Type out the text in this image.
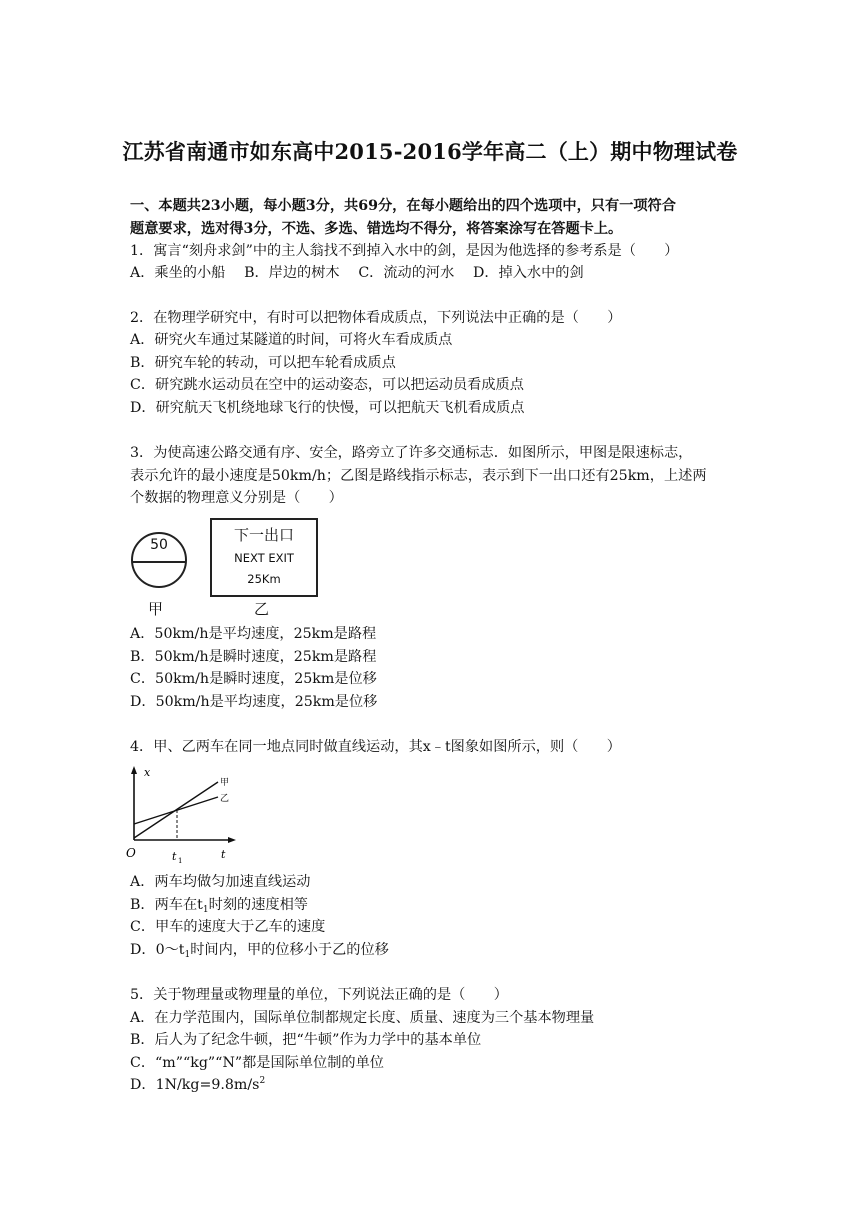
江苏省南通市如东高中2015-2016学年高二（上）期中物理试卷
一、本题共23小题，每小题3分，共69分，在每小题给出的四个选项中，只有一项符合
题意要求，选对得3分，不选、多选、错选均不得分，将答案涂写在答题卡上。
1．寓言“刻舟求剑”中的主人翁找不到掉入水中的剑，是因为他选择的参考系是（　　）
A．乘坐的小船　 B．岸边的树木　 C．流动的河水　 D．掉入水中的剑
2．在物理学研究中，有时可以把物体看成质点，下列说法中正确的是（　　）
A．研究火车通过某隧道的时间，可将火车看成质点
B．研究车轮的转动，可以把车轮看成质点
C．研究跳水运动员在空中的运动姿态，可以把运动员看成质点
D．研究航天飞机绕地球飞行的快慢，可以把航天飞机看成质点
3．为使高速公路交通有序、安全，路旁立了许多交通标志．如图所示，甲图是限速标志，
表示允许的最小速度是50km/h；乙图是路线指示标志，表示到下一出口还有25km，上述两
个数据的物理意义分别是（　　）
50
下一出口
NEXT EXIT
25Km
甲	乙
A．50km/h是平均速度，25km是路程
B．50km/h是瞬时速度，25km是路程
C．50km/h是瞬时速度，25km是位移
D．50km/h是平均速度，25km是位移
4．甲、乙两车在同一地点同时做直线运动，其x﹣t图象如图所示，则（　　）
x
O	t 1	t
甲
乙
A．两车均做匀加速直线运动
B．两车在$t_1$时刻的速度相等
C．甲车的速度大于乙车的速度
D．$0\sim t_1$时间内，甲的位移小于乙的位移
5．关于物理量或物理量的单位，下列说法正确的是（　　）
A．在力学范围内，国际单位制都规定长度、质量、速度为三个基本物理量
B．后人为了纪念牛顿，把“牛顿”作为力学中的基本单位
C．“m”“kg”“N”都是国际单位制的单位
D．$1N/kg=9.8m/s^2$
